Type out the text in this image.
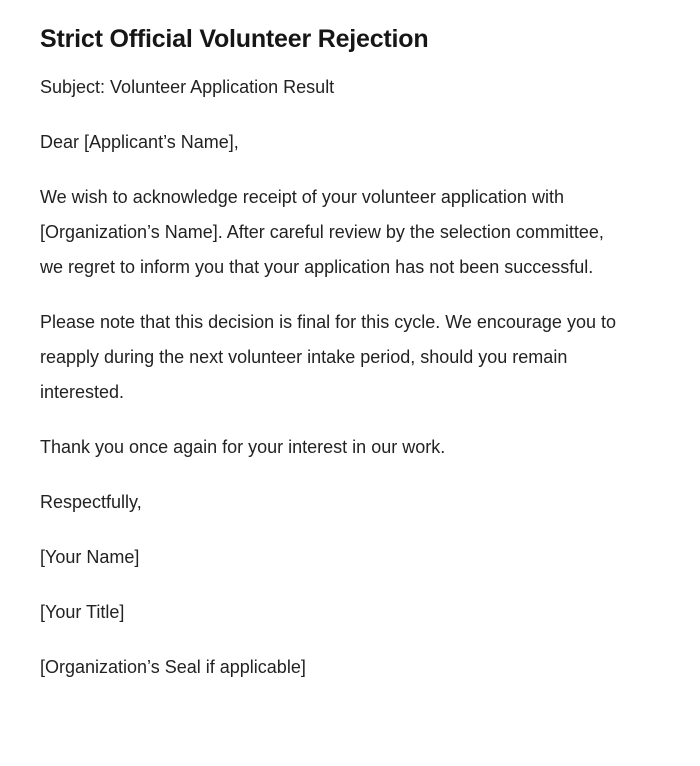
Strict Official Volunteer Rejection

Subject: Volunteer Application Result

Dear [Applicant’s Name],

We wish to acknowledge receipt of your volunteer application with [Organization’s Name]. After careful review by the selection committee, we regret to inform you that your application has not been successful.

Please note that this decision is final for this cycle. We encourage you to reapply during the next volunteer intake period, should you remain interested.

Thank you once again for your interest in our work.

Respectfully,

[Your Name]

[Your Title]

[Organization’s Seal if applicable]
